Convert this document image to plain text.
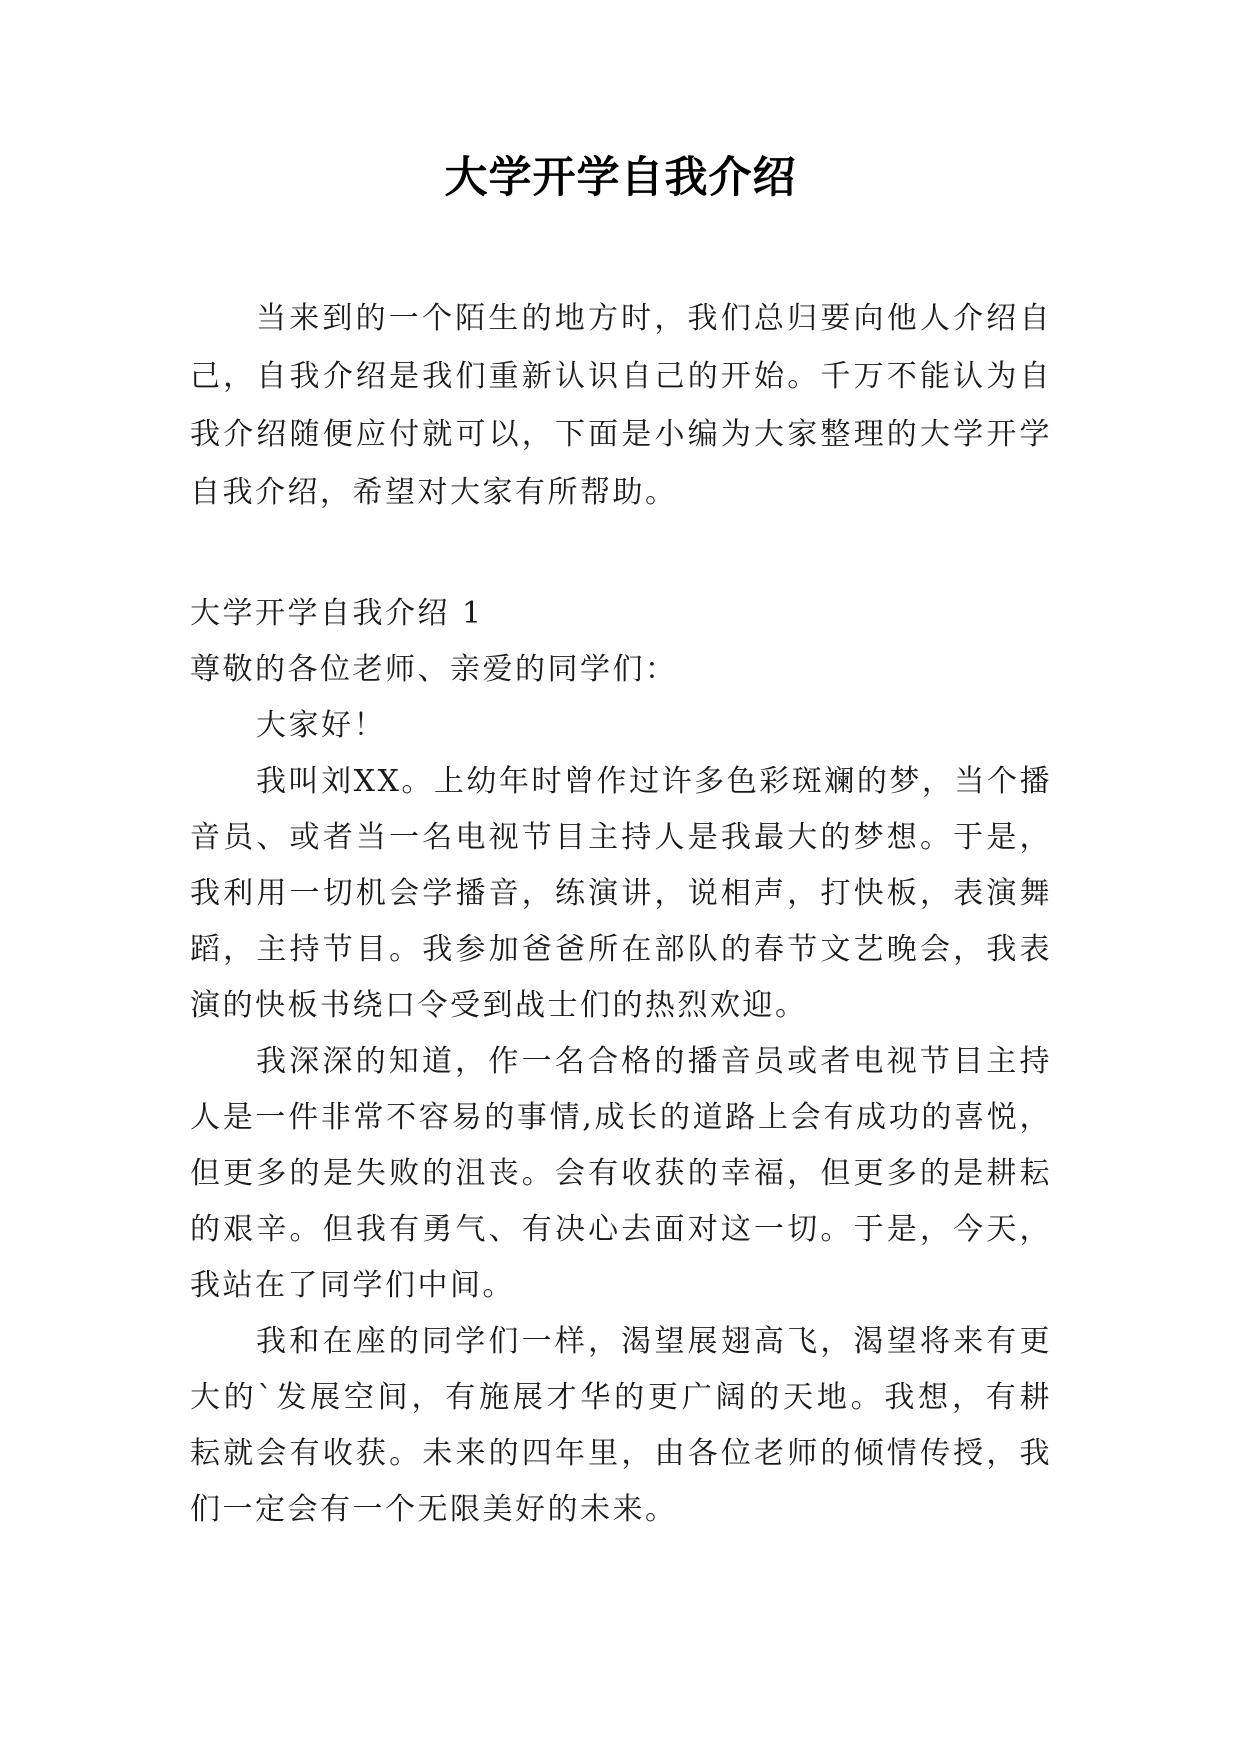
大学开学自我介绍

当来到的一个陌生的地方时，我们总归要向他人介绍自己，自我介绍是我们重新认识自己的开始。千万不能认为自我介绍随便应付就可以，下面是小编为大家整理的大学开学自我介绍，希望对大家有所帮助。

大学开学自我介绍 1

尊敬的各位老师、亲爱的同学们：

大家好！

我叫刘XX。上幼年时曾作过许多色彩斑斓的梦，当个播音员、或者当一名电视节目主持人是我最大的梦想。于是，我利用一切机会学播音，练演讲，说相声，打快板，表演舞蹈，主持节目。我参加爸爸所在部队的春节文艺晚会，我表演的快板书绕口令受到战士们的热烈欢迎。

我深深的知道，作一名合格的播音员或者电视节目主持人是一件非常不容易的事情,成长的道路上会有成功的喜悦，但更多的是失败的沮丧。会有收获的幸福，但更多的是耕耘的艰辛。但我有勇气、有决心去面对这一切。于是，今天，我站在了同学们中间。

我和在座的同学们一样，渴望展翅高飞，渴望将来有更大的`发展空间，有施展才华的更广阔的天地。我想，有耕耘就会有收获。未来的四年里，由各位老师的倾情传授，我们一定会有一个无限美好的未来。
